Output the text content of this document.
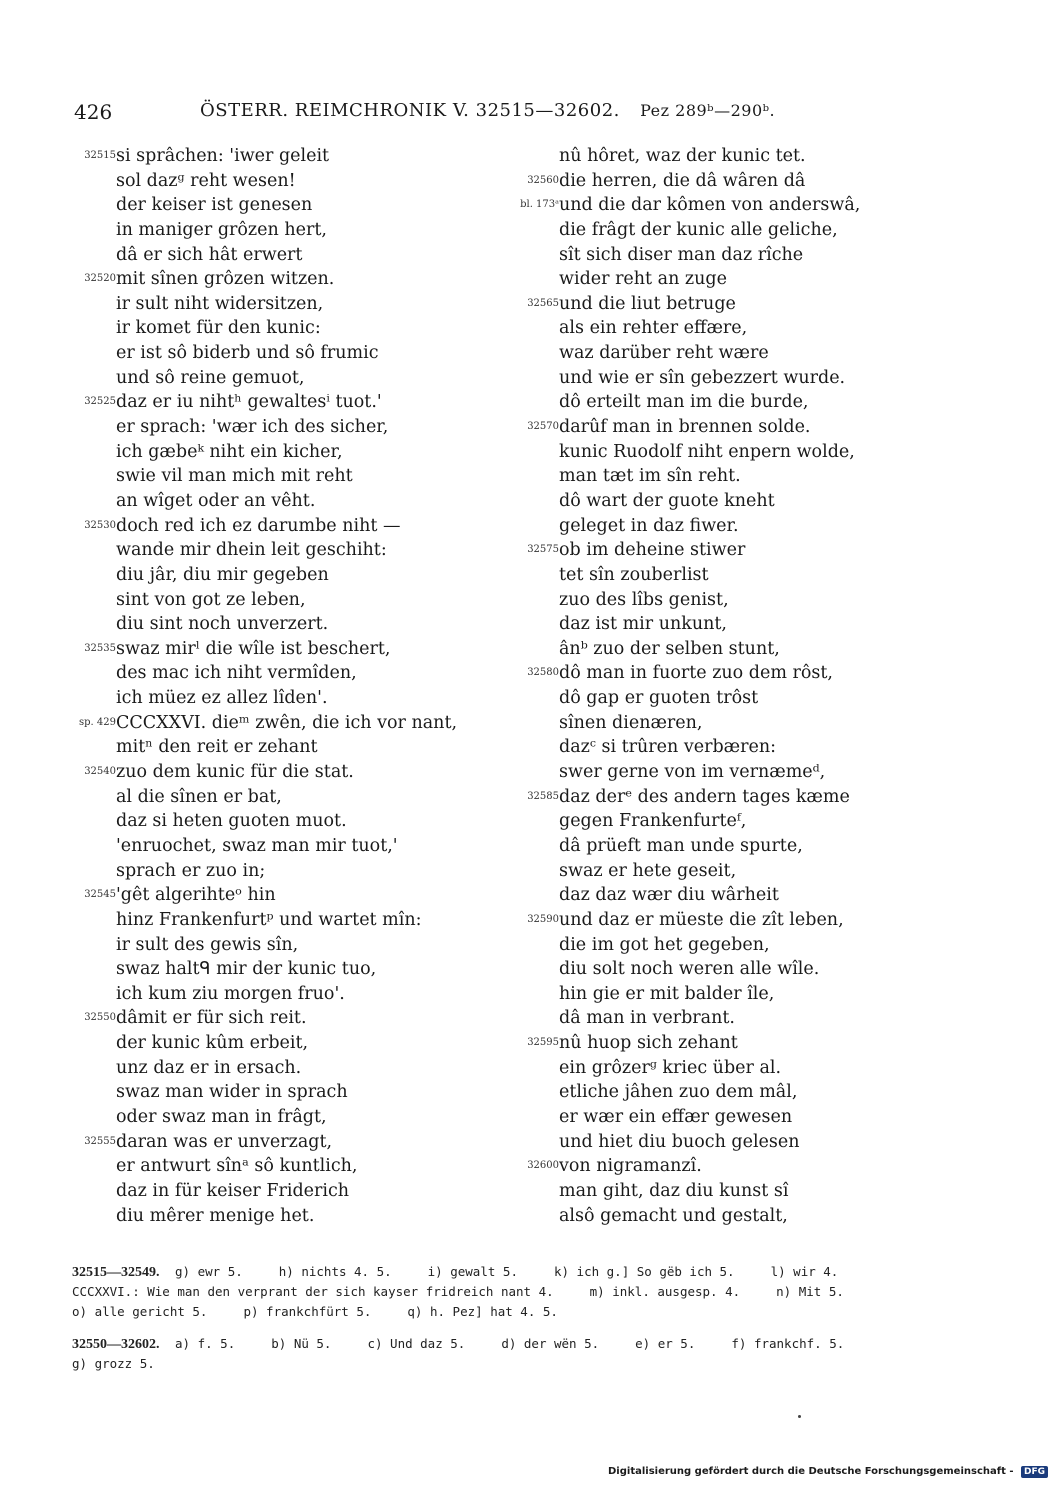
426	ÖSTERR. REIMCHRONIK V. 32515—32602. Pez 289ᵇ—290ᵇ.
32515 si sprâchen: 'iwer geleit
sol dazᵍ reht wesen!
der keiser ist genesen
in maniger grôzen hert,
dâ er sich hât erwert
32520 mit sînen grôzen witzen.
ir sult niht widersitzen,
ir komet für den kunic:
er ist sô biderb und sô frumic
und sô reine gemuot,
32525 daz er iu nihtʰ gewaltesⁱ tuot.'
er sprach: 'wær ich des sicher,
ich gæbeᵏ niht ein kicher,
swie vil man mich mit reht
an wîget oder an vêht.
32530 doch red ich ez darumbe niht —
wande mir dhein leit geschiht:
diu jâr, diu mir gegeben
sint von got ze leben,
diu sint noch unverzert.
32535 swaz mirˡ die wîle ist beschert,
des mac ich niht vermîden,
ich müez ez allez lîden'.
sp. 429 CCCXXVI. dieᵐ zwên, die ich vor nant,
mitⁿ den reit er zehant
32540 zuo dem kunic für die stat.
al die sînen er bat,
daz si heten guoten muot.
'enruochet, swaz man mir tuot,'
sprach er zuo in;
32545 'gêt algerihteᵒ hin
hinz Frankenfurtᵖ und wartet mîn:
ir sult des gewis sîn,
swaz haltᑫ mir der kunic tuo,
ich kum ziu morgen fruo'.
32550 dâmit er für sich reit.
der kunic kûm erbeit,
unz daz er in ersach.
swaz man wider in sprach
oder swaz man in frâgt,
32555 daran was er unverzagt,
er antwurt sînᵃ sô kuntlich,
daz in für keiser Friderich
diu mêrer menige het.
nû hôret, waz der kunic tet.
32560 die herren, die dâ wâren dâ
bl. 173ᵃ und die dar kômen von anderswâ,
die frâgt der kunic alle geliche,
sît sich diser man daz rîche
wider reht an zuge
32565 und die liut betruge
als ein rehter effære,
waz darüber reht wære
und wie er sîn gebezzert wurde.
dô erteilt man im die burde,
32570 darûf man in brennen solde.
kunic Ruodolf niht enpern wolde,
man tæt im sîn reht.
dô wart der guote kneht
geleget in daz fiwer.
32575 ob im deheine stiwer
tet sîn zouberlist
zuo des lîbs genist,
daz ist mir unkunt,
ânᵇ zuo der selben stunt,
32580 dô man in fuorte zuo dem rôst,
dô gap er guoten trôst
sînen dienæren,
dazᶜ si trûren verbæren:
swer gerne von im vernæmeᵈ,
32585 daz derᵉ des andern tages kæme
gegen Frankenfurteᶠ,
dâ prüeft man unde spurte,
swaz er hete geseit,
daz daz wær diu wârheit
32590 und daz er müeste die zît leben,
die im got het gegeben,
diu solt noch weren alle wîle.
hin gie er mit balder île,
dâ man in verbrant.
32595 nû huop sich zehant
ein grôzerᵍ kriec über al.
etliche jâhen zuo dem mâl,
er wær ein effær gewesen
und hiet diu buoch gelesen
32600 von nigramanzî.
man giht, daz diu kunst sî
alsô gemacht und gestalt,
32515—32549. g) ewr 5.	h) nichts 4. 5.	i) gewalt 5.	k) ich g.] So gëb ich 5.	l) wir 4.
CCCXXVI.: Wie man den verprant der sich kayser fridreich nant 4.	m) inkl. ausgesp. 4.	n) Mit 5.
o) alle gericht 5.	p) frankchfürt 5.	q) h. Pez] hat 4. 5.
32550—32602. a) f. 5.	b) Nü 5.	c) Und daz 5.	d) der wën 5.	e) er 5.	f) frankchf. 5.
g) grozz 5.
Digitalisierung gefördert durch die Deutsche Forschungsgemeinschaft - DFG
